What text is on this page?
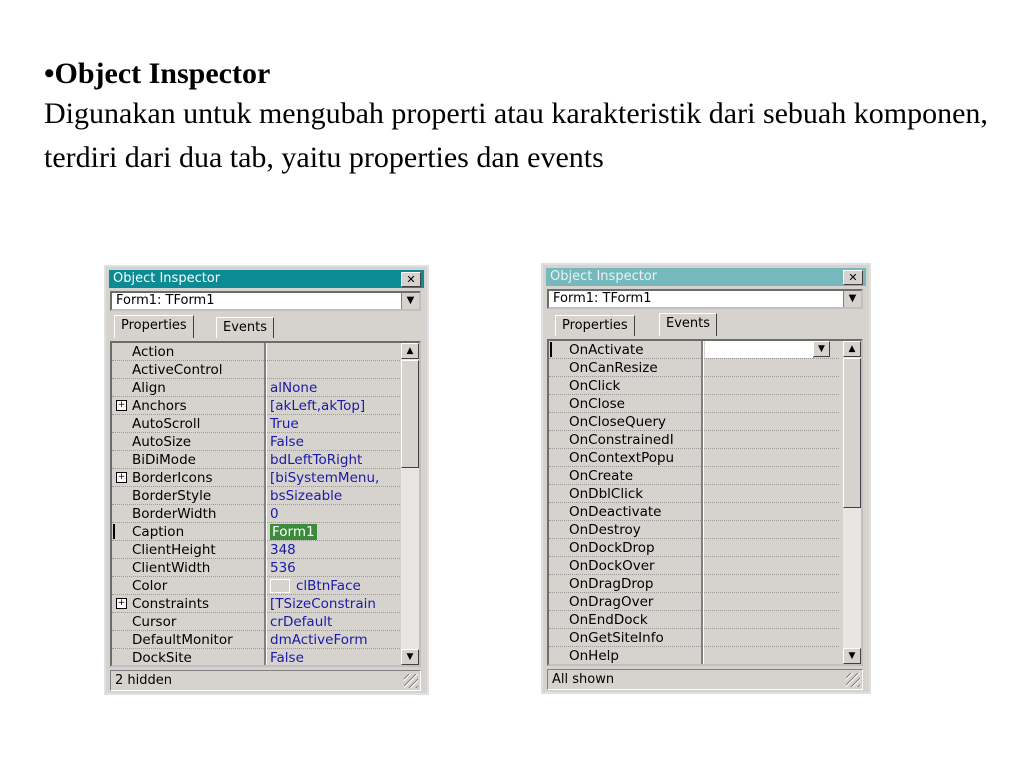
•Object Inspector
Digunakan untuk mengubah properti atau karakteristik dari sebuah komponen, terdiri dari dua tab, yaitu properties dan events
Object Inspector	✕
Form1: TForm1	▼
Properties	Events
DockSite	False
DefaultMonitor	dmActiveForm
Cursor	crDefault
+ Constraints	[TSizeConstrain
Color	clBtnFace
ClientWidth	536
ClientHeight	348
Caption	Form1
BorderWidth	0
BorderStyle	bsSizeable
+ BorderIcons	[biSystemMenu,
BiDiMode	bdLeftToRight
AutoSize	False
AutoScroll	True
+ Anchors	[akLeft,akTop]
Align	alNone
ActiveControl
Action	▲
▼
2 hidden
Object Inspector	✕
Form1: TForm1	▼
Properties	Events
OnHelp
OnGetSiteInfo
OnEndDock
OnDragOver
OnDragDrop
OnDockOver
OnDockDrop
OnDestroy
OnDeactivate
OnDblClick
OnCreate
OnContextPopu
OnConstrainedI
OnCloseQuery
OnClose
OnClick
OnCanResize
OnActivate	▼	▲
▼
All shown
